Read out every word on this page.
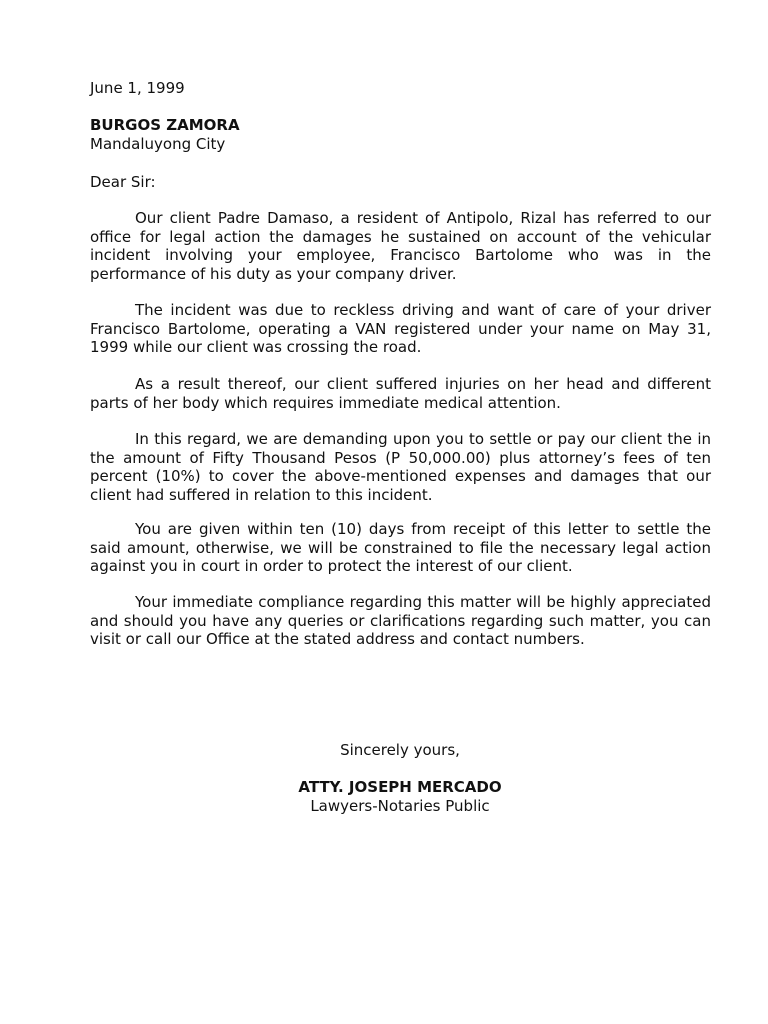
June 1, 1999
BURGOS ZAMORA
Mandaluyong City
Dear Sir:
Our client Padre Damaso, a resident of Antipolo, Rizal has referred to our office for legal action the damages he sustained on account of the vehicular incident involving your employee, Francisco Bartolome who was in the performance of his duty as your company driver.
The incident was due to reckless driving and want of care of your driver Francisco Bartolome, operating a VAN registered under your name on May 31, 1999 while our client was crossing the road.
As a result thereof, our client suffered injuries on her head and different parts of her body which requires immediate medical attention.
In this regard, we are demanding upon you to settle or pay our client the in the amount of Fifty Thousand Pesos (P 50,000.00) plus attorney’s fees of ten percent (10%) to cover the above-mentioned expenses and damages that our client had suffered in relation to this incident.
You are given within ten (10) days from receipt of this letter to settle the said amount, otherwise, we will be constrained to file the necessary legal action against you in court in order to protect the interest of our client.
Your immediate compliance regarding this matter will be highly appreciated and should you have any queries or clarifications regarding such matter, you can visit or call our Office at the stated address and contact numbers.
Sincerely yours,
ATTY. JOSEPH MERCADO
Lawyers-Notaries Public
